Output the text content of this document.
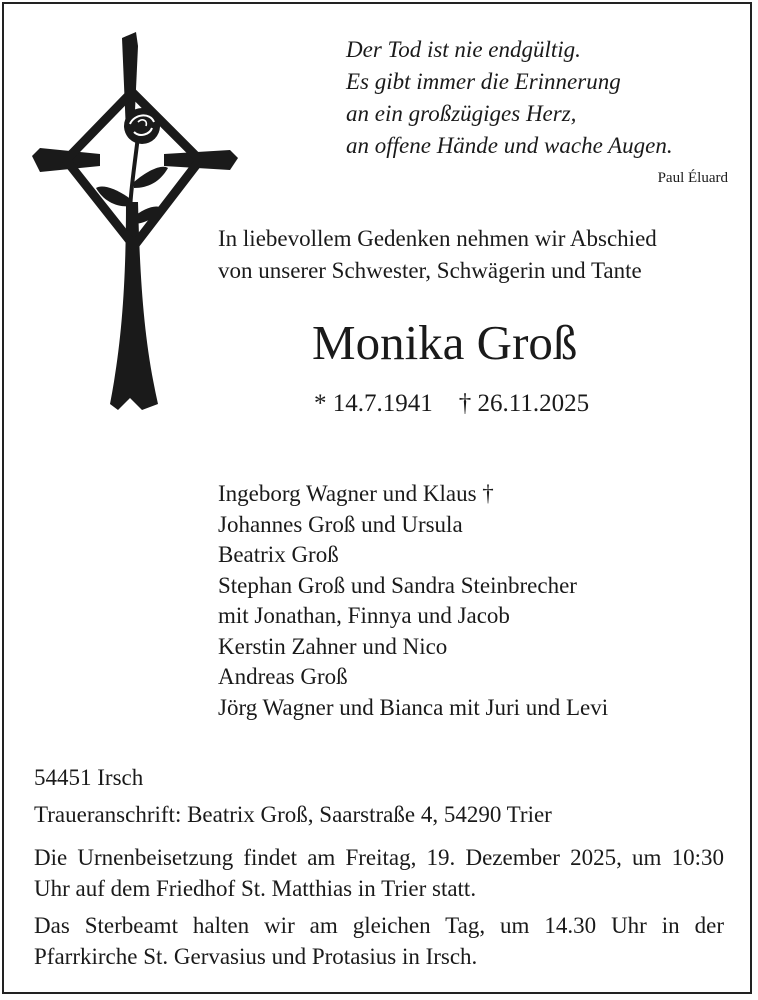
Der Tod ist nie endgültig.
Es gibt immer die Erinnerung
an ein großzügiges Herz,
an offene Hände und wache Augen.
Paul Éluard
In liebevollem Gedenken nehmen wir Abschied
von unserer Schwester, Schwägerin und Tante
Monika Groß
* 14.7.1941 † 26.11.2025
Ingeborg Wagner und Klaus †
Johannes Groß und Ursula
Beatrix Groß
Stephan Groß und Sandra Steinbrecher
mit Jonathan, Finnya und Jacob
Kerstin Zahner und Nico
Andreas Groß
Jörg Wagner und Bianca mit Juri und Levi
54451 Irsch
Traueranschrift: Beatrix Groß, Saarstraße 4, 54290 Trier
Die Urnenbeisetzung findet am Freitag, 19. Dezember 2025, um 10:30 Uhr auf dem Friedhof St. Matthias in Trier statt.
Das Sterbeamt halten wir am gleichen Tag, um 14.30 Uhr in der Pfarrkirche St. Gervasius und Protasius in Irsch.
